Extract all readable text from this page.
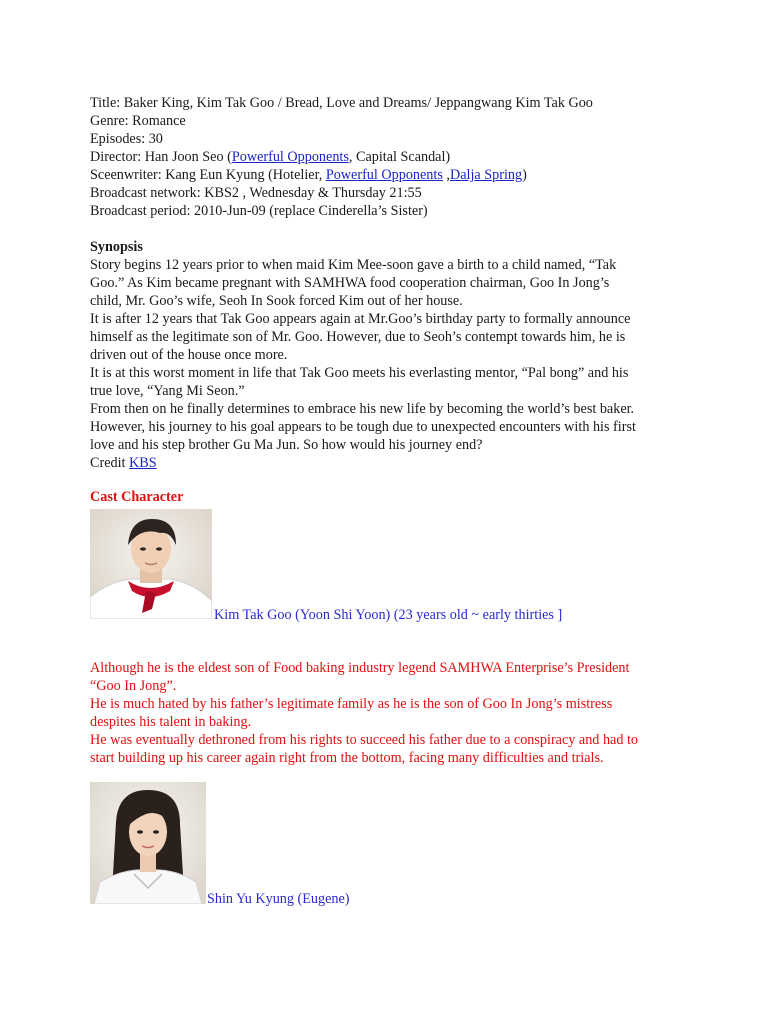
Title: Baker King, Kim Tak Goo / Bread, Love and Dreams/ Jeppangwang Kim Tak Goo
Genre: Romance
Episodes: 30
Director: Han Joon Seo (Powerful Opponents, Capital Scandal)
Sceenwriter: Kang Eun Kyung (Hotelier, Powerful Opponents ,Dalja Spring)
Broadcast network: KBS2 , Wednesday & Thursday 21:55
Broadcast period: 2010-Jun-09 (replace Cinderella’s Sister)
Synopsis
Story begins 12 years prior to when maid Kim Mee-soon gave a birth to a child named, “Tak
Goo.” As Kim became pregnant with SAMHWA food cooperation chairman, Goo In Jong’s
child, Mr. Goo’s wife, Seoh In Sook forced Kim out of her house.
It is after 12 years that Tak Goo appears again at Mr.Goo’s birthday party to formally announce
himself as the legitimate son of Mr. Goo. However, due to Seoh’s contempt towards him, he is
driven out of the house once more.
It is at this worst moment in life that Tak Goo meets his everlasting mentor, “Pal bong” and his
true love, “Yang Mi Seon.”
From then on he finally determines to embrace his new life by becoming the world’s best baker.
However, his journey to his goal appears to be tough due to unexpected encounters with his first
love and his step brother Gu Ma Jun. So how would his journey end?
Credit KBS
Cast Character
Kim Tak Goo (Yoon Shi Yoon) (23 years old ~ early thirties ]
Although he is the eldest son of Food baking industry legend SAMHWA Enterprise’s President
“Goo In Jong”.
He is much hated by his father’s legitimate family as he is the son of Goo In Jong’s mistress
despites his talent in baking.
He was eventually dethroned from his rights to succeed his father due to a conspiracy and had to
start building up his career again right from the bottom, facing many difficulties and trials.
Shin Yu Kyung (Eugene)
